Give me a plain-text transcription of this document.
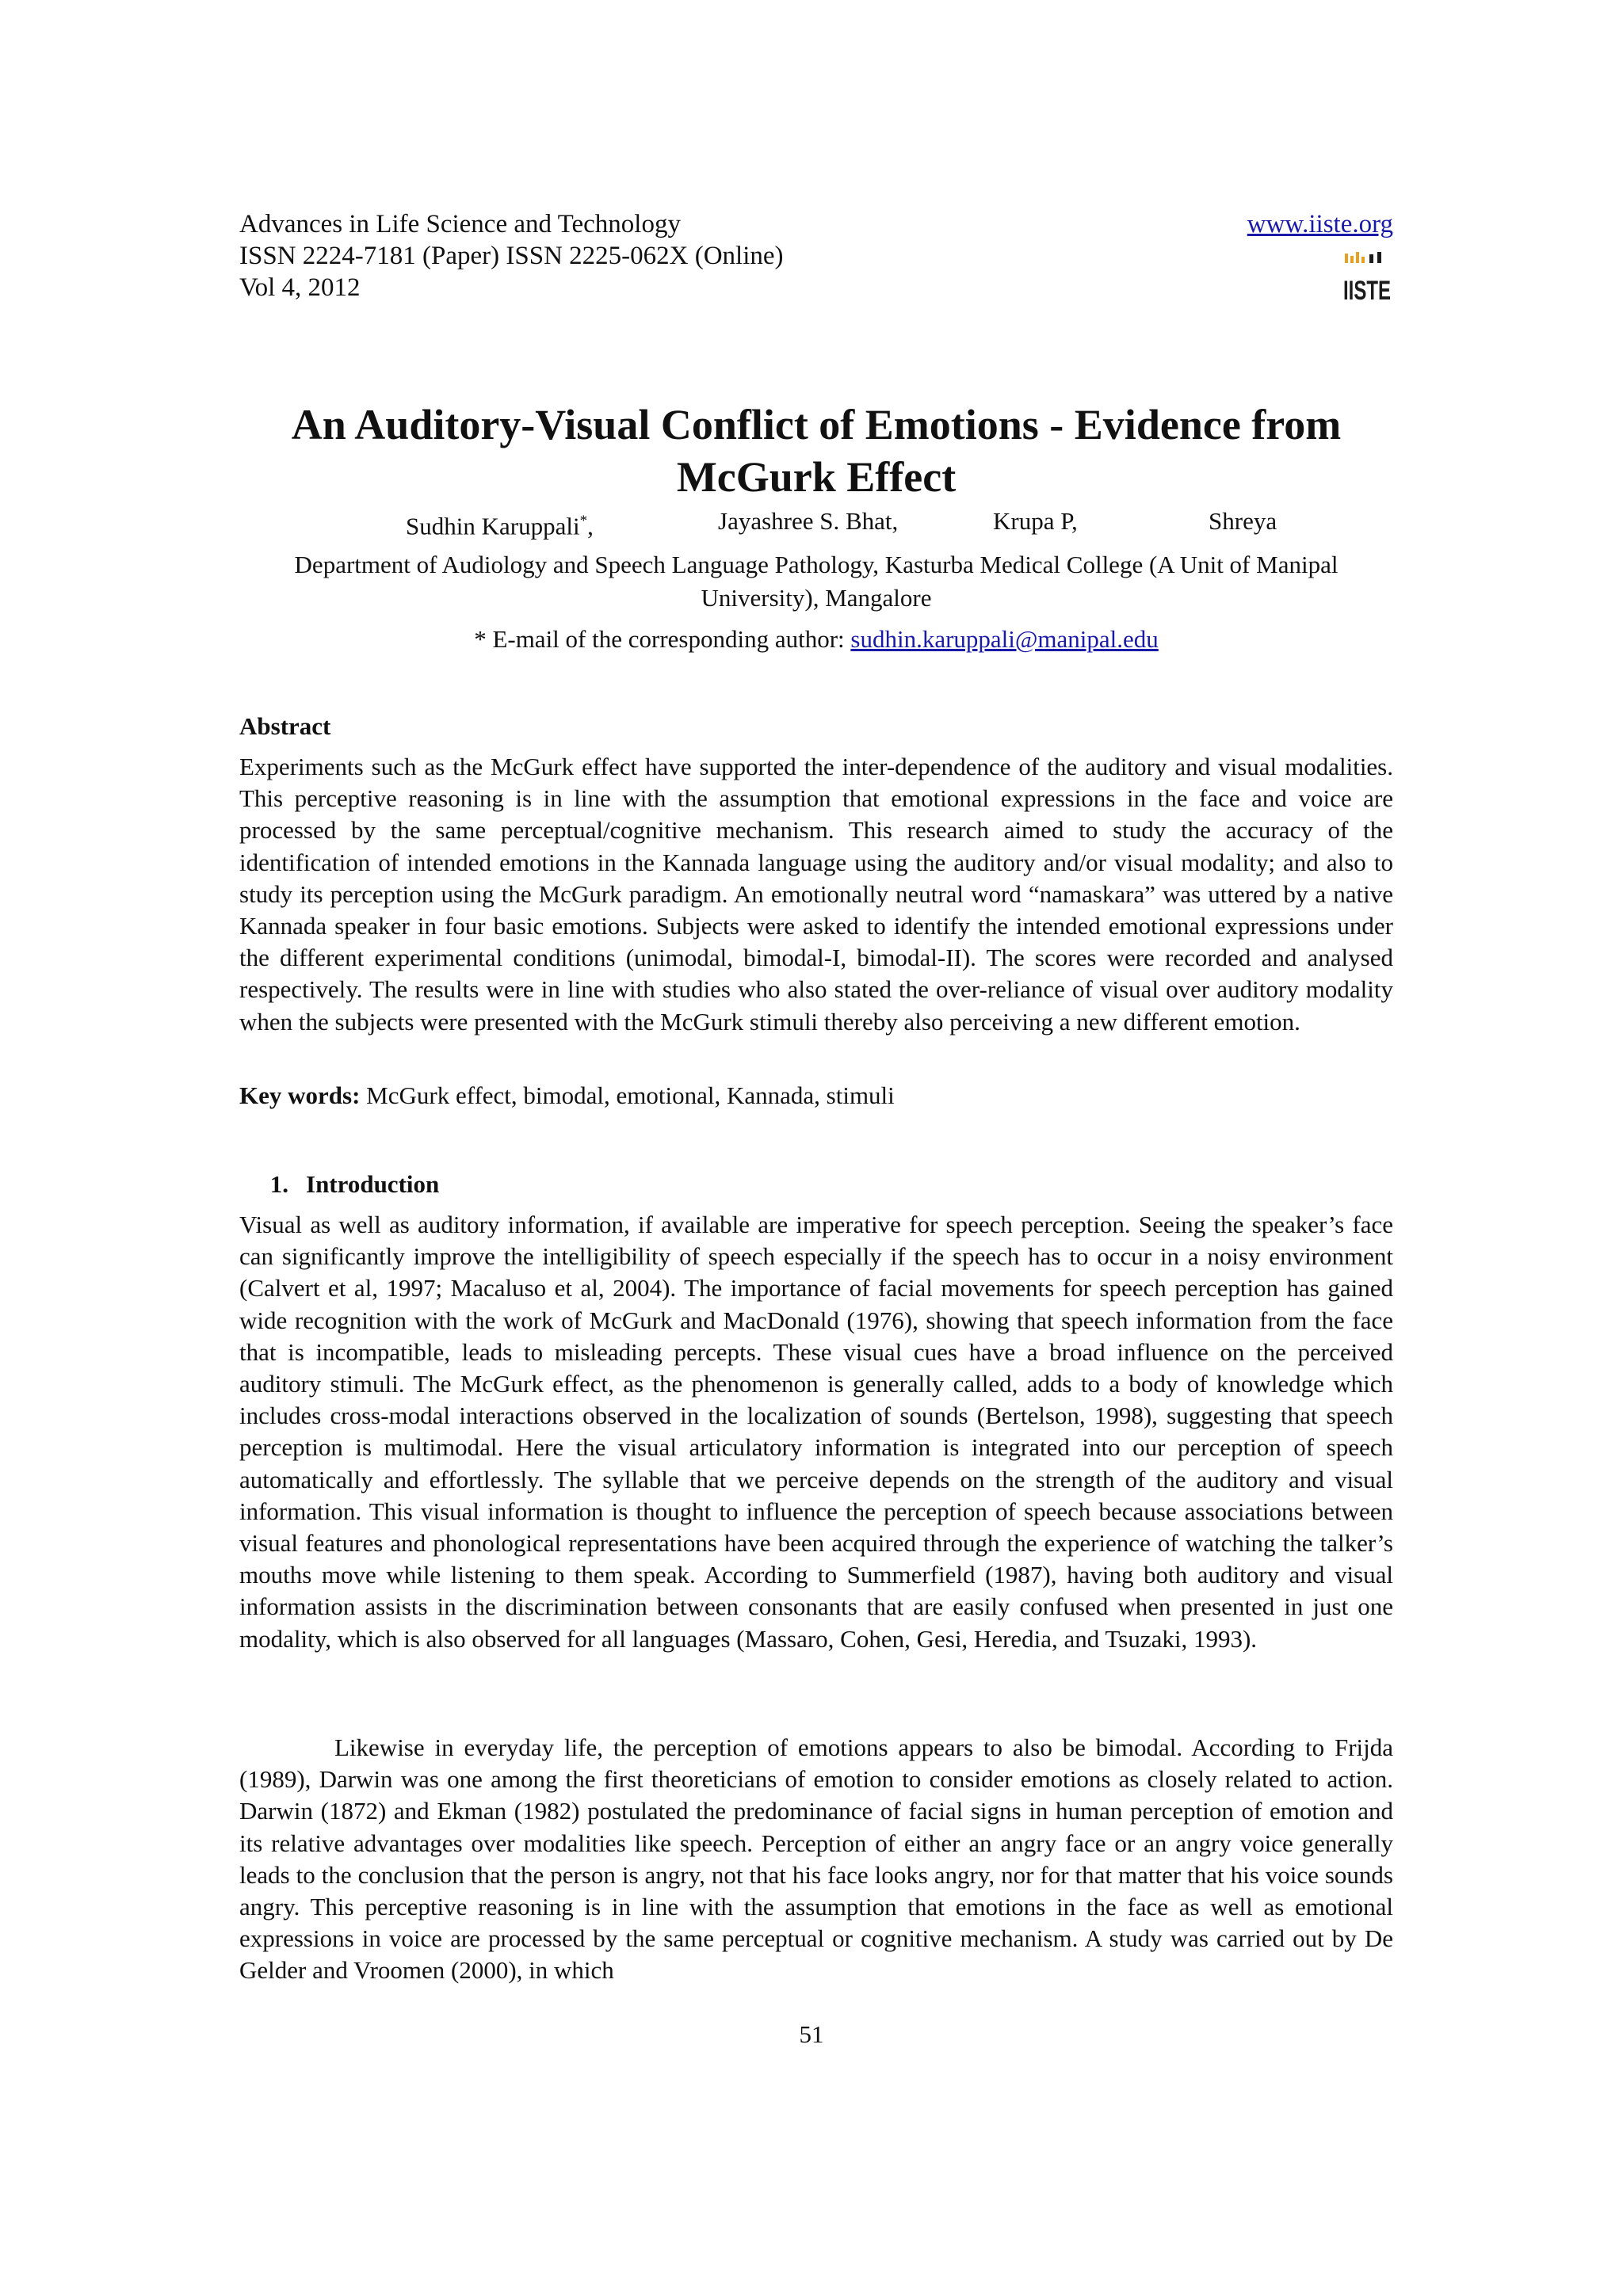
Advances in Life Science and Technology
ISSN 2224-7181 (Paper) ISSN 2225-062X (Online)
Vol 4, 2012
www.iiste.org
IISTE
An Auditory-Visual Conflict of Emotions - Evidence from McGurk Effect
Sudhin Karuppali*,	Jayashree S. Bhat,	Krupa P,	Shreya
Department of Audiology and Speech Language Pathology, Kasturba Medical College (A Unit of Manipal University), Mangalore
* E-mail of the corresponding author: sudhin.karuppali@manipal.edu
Abstract
Experiments such as the McGurk effect have supported the inter-dependence of the auditory and visual modalities. This perceptive reasoning is in line with the assumption that emotional expressions in the face and voice are processed by the same perceptual/cognitive mechanism. This research aimed to study the accuracy of the identification of intended emotions in the Kannada language using the auditory and/or visual modality; and also to study its perception using the McGurk paradigm. An emotionally neutral word “namaskara” was uttered by a native Kannada speaker in four basic emotions. Subjects were asked to identify the intended emotional expressions under the different experimental conditions (unimodal, bimodal-I, bimodal-II). The scores were recorded and analysed respectively. The results were in line with studies who also stated the over-reliance of visual over auditory modality when the subjects were presented with the McGurk stimuli thereby also perceiving a new different emotion.
Key words: McGurk effect, bimodal, emotional, Kannada, stimuli
1. Introduction
Visual as well as auditory information, if available are imperative for speech perception. Seeing the speaker’s face can significantly improve the intelligibility of speech especially if the speech has to occur in a noisy environment (Calvert et al, 1997; Macaluso et al, 2004). The importance of facial movements for speech perception has gained wide recognition with the work of McGurk and MacDonald (1976), showing that speech information from the face that is incompatible, leads to misleading percepts. These visual cues have a broad influence on the perceived auditory stimuli. The McGurk effect, as the phenomenon is generally called, adds to a body of knowledge which includes cross-modal interactions observed in the localization of sounds (Bertelson, 1998), suggesting that speech perception is multimodal. Here the visual articulatory information is integrated into our perception of speech automatically and effortlessly. The syllable that we perceive depends on the strength of the auditory and visual information. This visual information is thought to influence the perception of speech because associations between visual features and phonological representations have been acquired through the experience of watching the talker’s mouths move while listening to them speak. According to Summerfield (1987), having both auditory and visual information assists in the discrimination between consonants that are easily confused when presented in just one modality, which is also observed for all languages (Massaro, Cohen, Gesi, Heredia, and Tsuzaki, 1993).
Likewise in everyday life, the perception of emotions appears to also be bimodal. According to Frijda (1989), Darwin was one among the first theoreticians of emotion to consider emotions as closely related to action. Darwin (1872) and Ekman (1982) postulated the predominance of facial signs in human perception of emotion and its relative advantages over modalities like speech. Perception of either an angry face or an angry voice generally leads to the conclusion that the person is angry, not that his face looks angry, nor for that matter that his voice sounds angry. This perceptive reasoning is in line with the assumption that emotions in the face as well as emotional expressions in voice are processed by the same perceptual or cognitive mechanism. A study was carried out by De Gelder and Vroomen (2000), in which
51
